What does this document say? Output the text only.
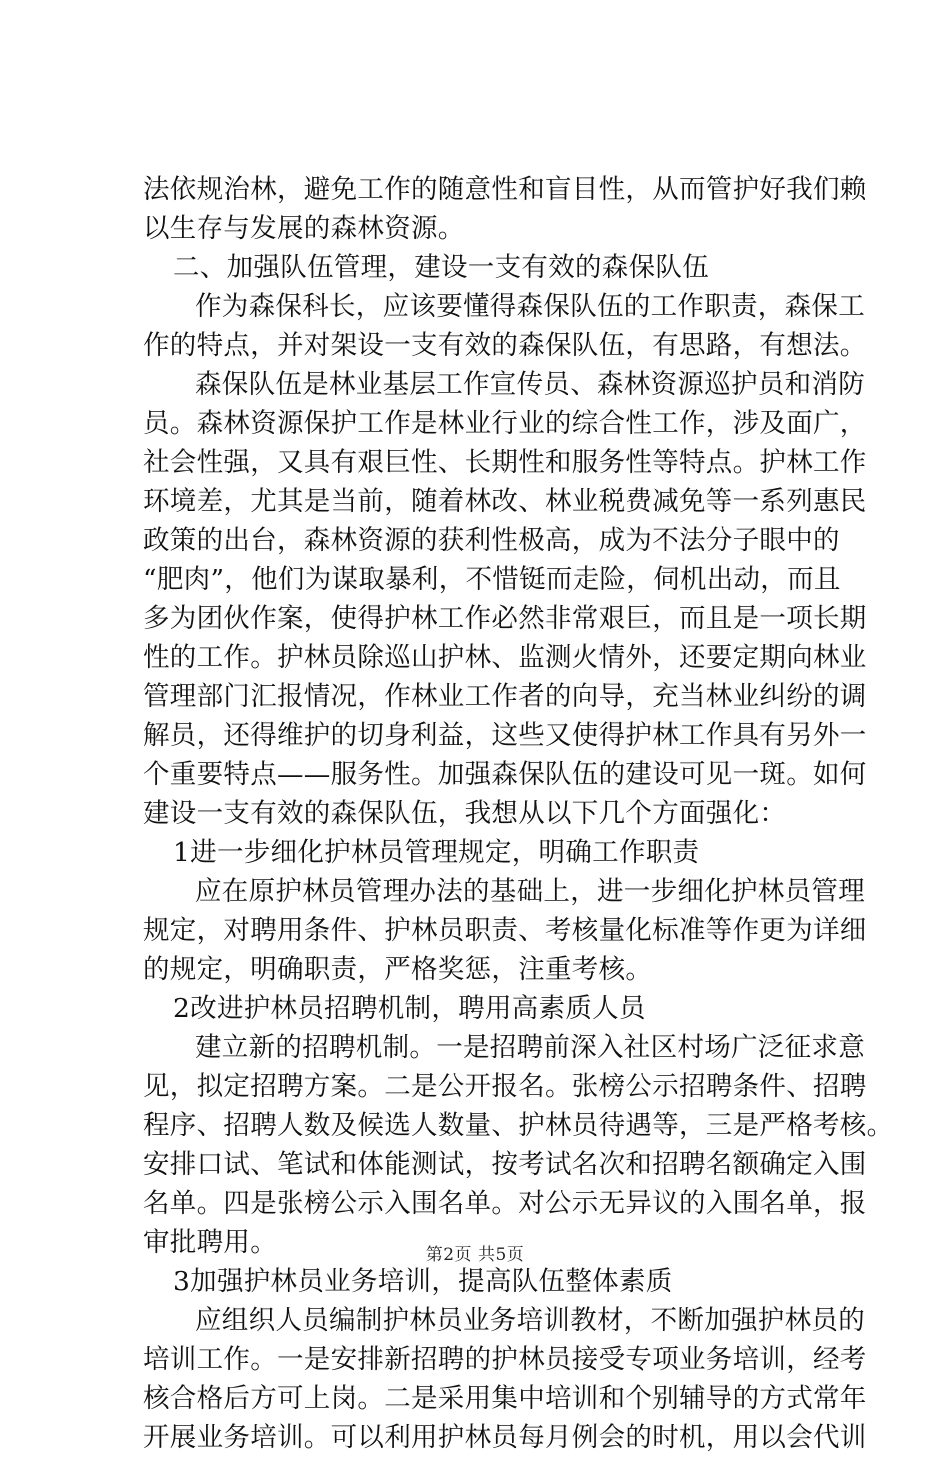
法依规治林，避免工作的随意性和盲目性，从而管护好我们赖
以生存与发展的森林资源。
二、加强队伍管理，建设一支有效的森保队伍
作为森保科长，应该要懂得森保队伍的工作职责，森保工
作的特点，并对架设一支有效的森保队伍，有思路，有想法。
森保队伍是林业基层工作宣传员、森林资源巡护员和消防
员。森林资源保护工作是林业行业的综合性工作，涉及面广，
社会性强，又具有艰巨性、长期性和服务性等特点。护林工作
环境差，尤其是当前，随着林改、林业税费减免等一系列惠民
政策的出台，森林资源的获利性极高，成为不法分子眼中的
“肥肉”，他们为谋取暴利，不惜铤而走险，伺机出动，而且
多为团伙作案，使得护林工作必然非常艰巨，而且是一项长期
性的工作。护林员除巡山护林、监测火情外，还要定期向林业
管理部门汇报情况，作林业工作者的向导，充当林业纠纷的调
解员，还得维护的切身利益，这些又使得护林工作具有另外一
个重要特点——服务性。加强森保队伍的建设可见一斑。如何
建设一支有效的森保队伍，我想从以下几个方面强化：
1进一步细化护林员管理规定，明确工作职责
应在原护林员管理办法的基础上，进一步细化护林员管理
规定，对聘用条件、护林员职责、考核量化标准等作更为详细
的规定，明确职责，严格奖惩，注重考核。
2改进护林员招聘机制，聘用高素质人员
建立新的招聘机制。一是招聘前深入社区村场广泛征求意
见，拟定招聘方案。二是公开报名。张榜公示招聘条件、招聘
程序、招聘人数及候选人数量、护林员待遇等，三是严格考核。
安排口试、笔试和体能测试，按考试名次和招聘名额确定入围
名单。四是张榜公示入围名单。对公示无异议的入围名单，报
审批聘用。
3加强护林员业务培训，提高队伍整体素质
应组织人员编制护林员业务培训教材，不断加强护林员的
培训工作。一是安排新招聘的护林员接受专项业务培训，经考
核合格后方可上岗。二是采用集中培训和个别辅导的方式常年
开展业务培训。可以利用护林员每月例会的时机，用以会代训
第2页 共5页
